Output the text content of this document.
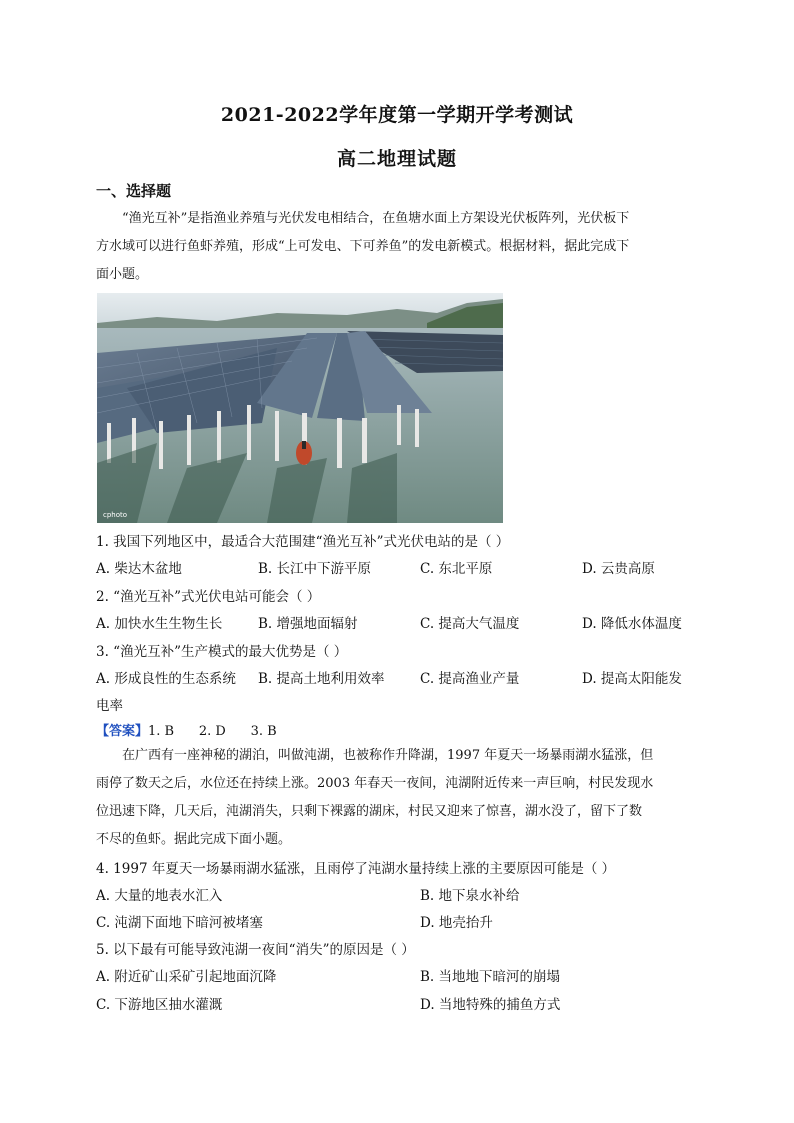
2021-2022学年度第一学期开学考测试
高二地理试题
一、选择题
“渔光互补”是指渔业养殖与光伏发电相结合，在鱼塘水面上方架设光伏板阵列，光伏板下
方水域可以进行鱼虾养殖，形成“上可发电、下可养鱼”的发电新模式。根据材料，据此完成下
面小题。
cphoto
1. 我国下列地区中，最适合大范围建“渔光互补”式光伏电站的是（ ）
A. 柴达木盆地	B. 长江中下游平原	C. 东北平原	D. 云贵高原
2. “渔光互补”式光伏电站可能会（ ）
A. 加快水生生物生长	B. 增强地面辐射	C. 提高大气温度	D. 降低水体温度
3. “渔光互补”生产模式的最大优势是（ ）
A. 形成良性的生态系统 B. 提高土地利用效率	C. 提高渔业产量	D. 提高太阳能发
电率
【答案】1. B      2. D      3. B
在广西有一座神秘的湖泊，叫做沌湖，也被称作升降湖，1997 年夏天一场暴雨湖水猛涨，但
雨停了数天之后，水位还在持续上涨。2003 年春天一夜间，沌湖附近传来一声巨响，村民发现水
位迅速下降，几天后，沌湖消失，只剩下裸露的湖床，村民又迎来了惊喜，湖水没了，留下了数
不尽的鱼虾。据此完成下面小题。
4. 1997 年夏天一场暴雨湖水猛涨，且雨停了沌湖水量持续上涨的主要原因可能是（ ）
A. 大量的地表水汇入	B. 地下泉水补给
C. 沌湖下面地下暗河被堵塞	D. 地壳抬升
5. 以下最有可能导致沌湖一夜间“消失”的原因是（ ）
A. 附近矿山采矿引起地面沉降	B. 当地地下暗河的崩塌
C. 下游地区抽水灌溉	D. 当地特殊的捕鱼方式
